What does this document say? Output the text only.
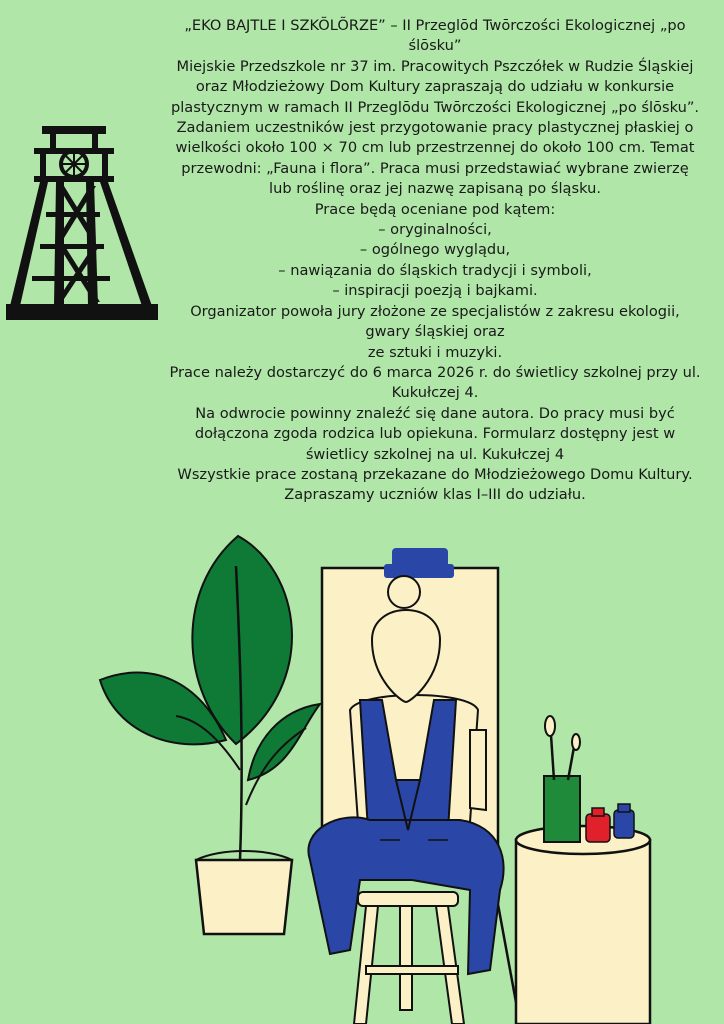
„EKO BAJTLE I SZKÕLÕRZE” – II Przeglōd Twōrczości Ekologicznej „po ślōsku”

Miejskie Przedszkole nr 37 im. Pracowitych Pszczółek w Rudzie Śląskiej oraz Młodzieżowy Dom Kultury zapraszają do udziału w konkursie plastycznym w ramach II Przeglōdu Twōrczości Ekologicznej „po ślōsku”.

Zadaniem uczestników jest przygotowanie pracy plastycznej płaskiej o wielkości około 100 × 70 cm lub przestrzennej do około 100 cm. Temat przewodni: „Fauna i flora”. Praca musi przedstawiać wybrane zwierzę lub roślinę oraz jej nazwę zapisaną po śląsku.

Prace będą oceniane pod kątem:

– oryginalności,

– ogólnego wyglądu,

– nawiązania do śląskich tradycji i symboli,

– inspiracji poezją i bajkami.

Organizator powoła jury złożone ze specjalistów z zakresu ekologii, gwary śląskiej oraz

ze sztuki i muzyki.

Prace należy dostarczyć do 6 marca 2026 r. do świetlicy szkolnej przy ul. Kukułczej 4.

Na odwrocie powinny znaleźć się dane autora. Do pracy musi być dołączona zgoda rodzica lub opiekuna. Formularz dostępny jest w świetlicy szkolnej na ul. Kukułczej 4

Wszystkie prace zostaną przekazane do Młodzieżowego Domu Kultury.

Zapraszamy uczniów klas I–III do udziału.
